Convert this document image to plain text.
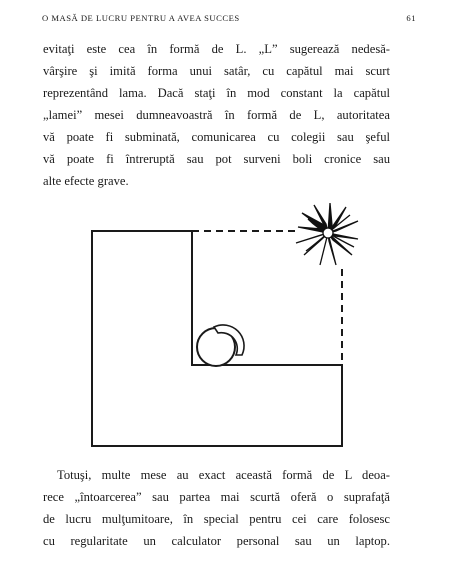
O MASĂ DE LUCRU PENTRU A AVEA SUCCES	61

evitaţi este cea în formă de L. „L” sugerează nedesă-
vârşire şi imită forma unui satâr, cu capătul mai scurt
reprezentând lama. Dacă staţi în mod constant la capătul
„lamei” mesei dumneavoastră în formă de L, autoritatea
vă poate fi subminată, comunicarea cu colegii sau şeful
vă poate fi întreruptă sau pot surveni boli cronice sau
alte efecte grave.

Totuşi, multe mese au exact această formă de L deoa-
rece „întoarcerea” sau partea mai scurtă oferă o suprafaţă
de lucru mulţumitoare, în special pentru cei care folosesc
cu regularitate un calculator personal sau un laptop.
